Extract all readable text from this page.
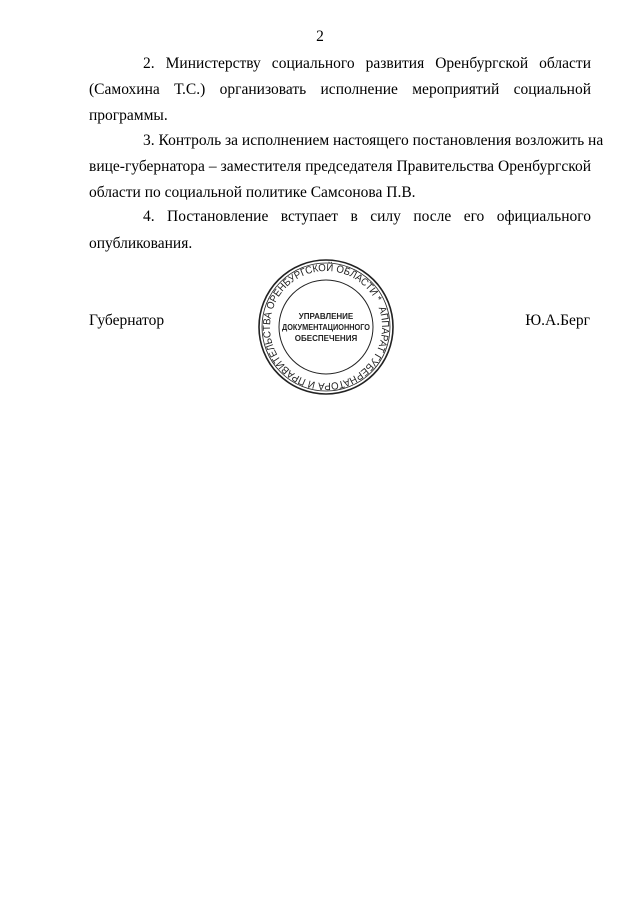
2
2. Министерству социального развития Оренбургской области
(Самохина Т.С.) организовать исполнение мероприятий социальной
программы.
3. Контроль за исполнением настоящего постановления возложить на
вице-губернатора – заместителя председателя Правительства Оренбургской
области по социальной политике Самсонова П.В.
4. Постановление вступает в силу после его официального
опубликования.
Губернатор	Ю.А.Берг
АППАРАТ ГУБЕРНАТОРА И ПРАВИТЕЛЬСТВА ОРЕНБУРГСКОЙ ОБЛАСТИ *
УПРАВЛЕНИЕ
ДОКУМЕНТАЦИОННОГО
ОБЕСПЕЧЕНИЯ
